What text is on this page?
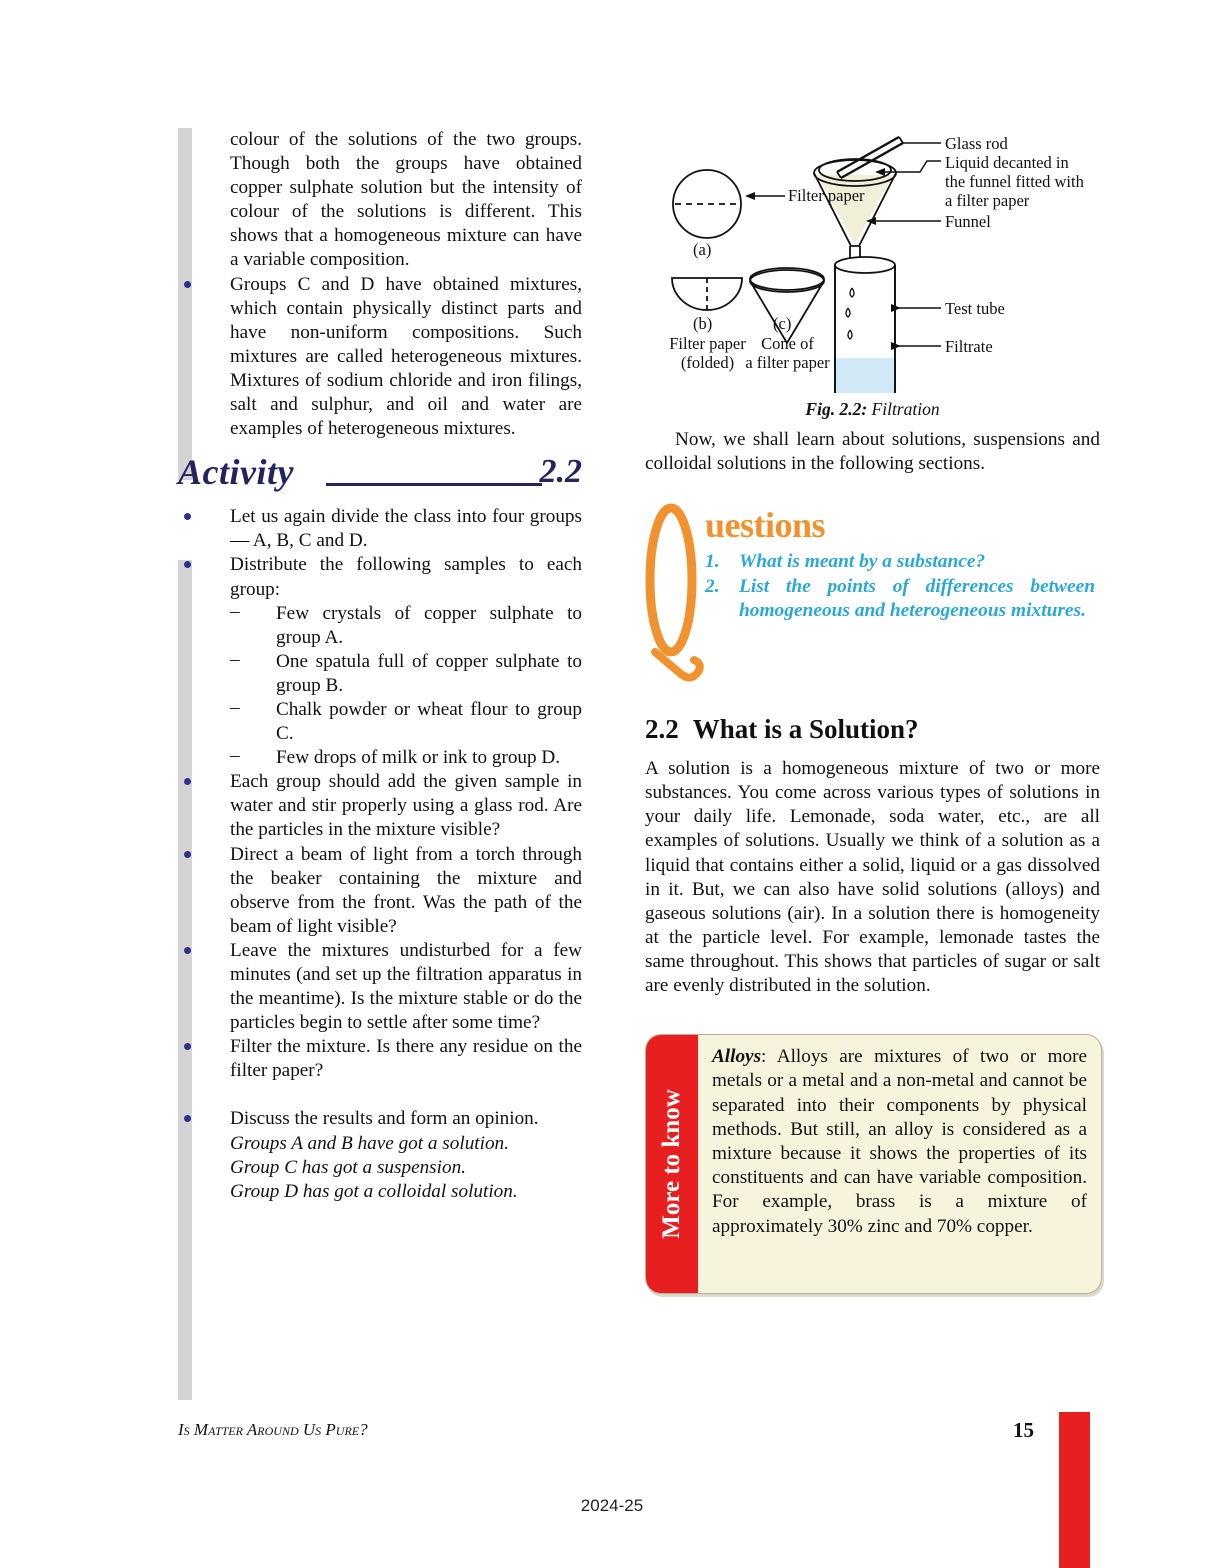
colour of the solutions of the two groups. Though both the groups have obtained copper sulphate solution but the intensity of colour of the solutions is different. This shows that a homogeneous mixture can have a variable composition.

Groups C and D have obtained mixtures, which contain physically distinct parts and have non-uniform compositions. Such mixtures are called heterogeneous mixtures. Mixtures of sodium chloride and iron filings, salt and sulphur, and oil and water are examples of heterogeneous mixtures.

Activity	2.2

Let us again divide the class into four groups— A, B, C and D.

Distribute the following samples to each group:

– Few crystals of copper sulphate to group A.

– One spatula full of copper sulphate to group B.

– Chalk powder or wheat flour to group C.

– Few drops of milk or ink to group D.

Each group should add the given sample in water and stir properly using a glass rod. Are the particles in the mixture visible?

Direct a beam of light from a torch through the beaker containing the mixture and observe from the front. Was the path of the beam of light visible?

Leave the mixtures undisturbed for a few minutes (and set up the filtration apparatus in the meantime). Is the mixture stable or do the particles begin to settle after some time?

Filter the mixture. Is there any residue on the filter paper?

Discuss the results and form an opinion.

Groups A and B have got a solution.

Group C has got a suspension.

Group D has got a colloidal solution.

Filter paper
(a)
(b)	(c)
Filter paper
(folded)
Cone of
a filter paper
Glass rod
Liquid decanted in
the funnel fitted with
a filter paper
Funnel
Test tube
Filtrate
Fig. 2.2: Filtration

Now, we shall learn about solutions, suspensions and colloidal solutions in the following sections.

uestions
1.	What is meant by a substance?
2.	List the points of differences between homogeneous and heterogeneous mixtures.
2.2 What is a Solution?

A solution is a homogeneous mixture of two or more substances. You come across various types of solutions in your daily life. Lemonade, soda water, etc., are all examples of solutions. Usually we think of a solution as a liquid that contains either a solid, liquid or a gas dissolved in it. But, we can also have solid solutions (alloys) and gaseous solutions (air). In a solution there is homogeneity at the particle level. For example, lemonade tastes the same throughout. This shows that particles of sugar or salt are evenly distributed in the solution.

More to know
Alloys: Alloys are mixtures of two or more metals or a metal and a non-metal and cannot be separated into their components by physical methods. But still, an alloy is considered as a mixture because it shows the properties of its constituents and can have variable composition. For example, brass is a mixture of approximately 30% zinc and 70% copper.
Is Matter Around Us Pure?	15
2024-25
